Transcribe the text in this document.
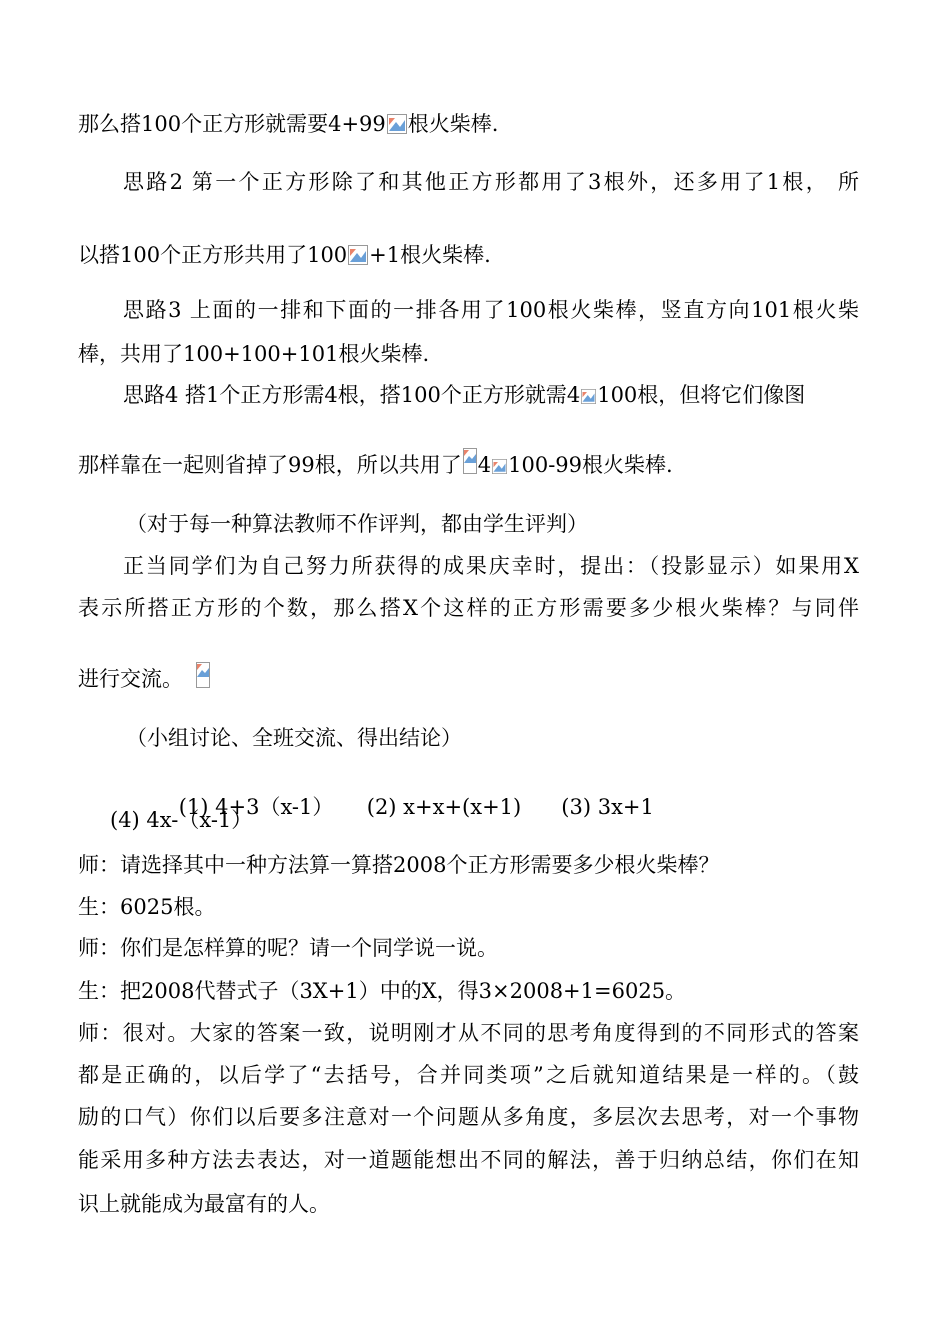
那么搭100个正方形就需要4+99 根火柴棒.
思路2 第一个正方形除了和其他正方形都用了3根外，还多用了1根， 所
以搭100个正方形共用了100 +1根火柴棒.
思路3 上面的一排和下面的一排各用了100根火柴棒，竖直方向101根火柴
棒，共用了100+100+101根火柴棒.
思路4 搭1个正方形需4根，搭100个正方形就需4 100根，但将它们像图
那样靠在一起则省掉了99根，所以共用了 4 100-99根火柴棒.
（对于每一种算法教师不作评判，都由学生评判）
正当同学们为自己努力所获得的成果庆幸时，提出：（投影显示）如果用X
表示所搭正方形的个数，那么搭X个这样的正方形需要多少根火柴棒？与同伴
进行交流。
（小组讨论、全班交流、得出结论）

(1) 4+3（x-1）     (2) x+x+(x+1)      (3) 3x+1

(4) 4x-（x-1）
师：请选择其中一种方法算一算搭2008个正方形需要多少根火柴棒？
生：6025根。
师：你们是怎样算的呢？请一个同学说一说。
生：把2008代替式子（3X+1）中的X，得3×2008+1=6025。
师：很对。大家的答案一致，说明刚才从不同的思考角度得到的不同形式的答案
都是正确的，以后学了“去括号，合并同类项”之后就知道结果是一样的。（鼓
励的口气）你们以后要多注意对一个问题从多角度，多层次去思考，对一个事物
能采用多种方法去表达，对一道题能想出不同的解法，善于归纳总结，你们在知
识上就能成为最富有的人。
